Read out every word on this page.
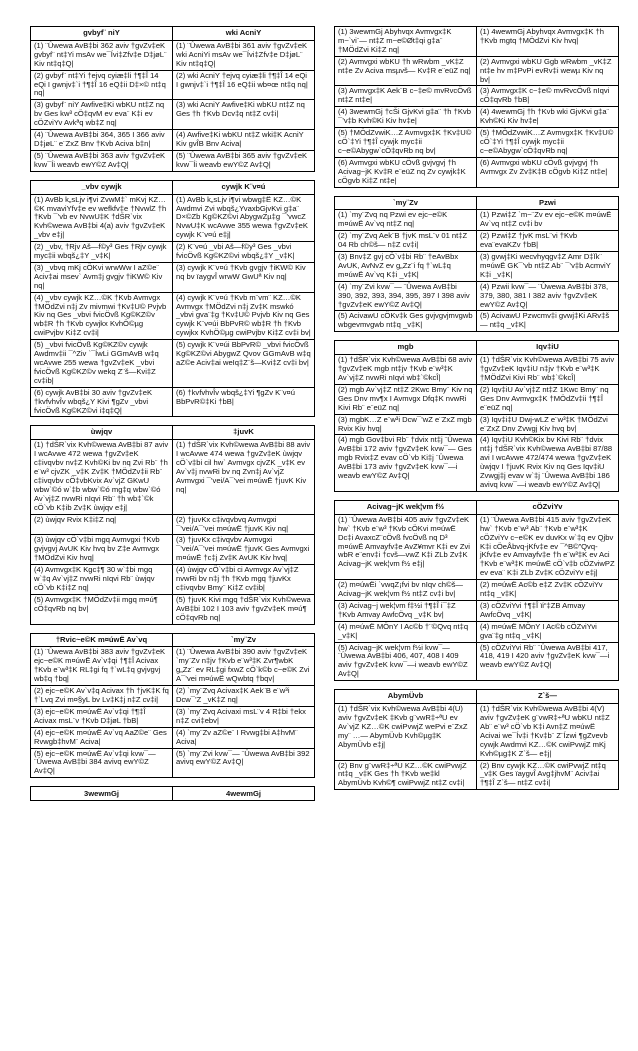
gvbyf¨ niY	wki AcniY
(1) ¨Ûwewa AvB‡bi 362 aviv †gvZv‡eK gvbyf¨ nt‡Yi msAv we¯Ívi‡Zfv‡e D‡jøL¨ Kiv nt‡q‡Q|	(1) ¨Ûwewa AvB‡bi 361 aviv †gvZv‡eK wki AcniYi msAv we¯Ívi‡Zfv‡e D‡jøL¨ Kiv nt‡q‡Q|
(2) gvbyf¨ nt‡Yi †ejvq cyiæ‡li †¶‡Î 14 eQi I gwnjv‡`i †¶‡Î 16 eQ‡ii D‡×© nt‡q nq|	(2) wki AcniY †ejvq cyiæ‡li †¶‡Î 14 eQi I gwnjv‡`i †¶‡Î 16 eQ‡ii wb¤œ nt‡q nq|
(3) gvbyf¨ niY Awfive‡Ki wbKU nt‡Z nq bv Ges kw³ cÖ‡qvM ev eva¨ K‡i ev cÖZviYv Avkªq wb‡Z nq|	(3) wki AcniY Awfive‡Ki wbKU nt‡Z nq Ges †h †Kvb Dcv‡q nt‡Z cv‡i|
(4) ¨Ûwewa AvB‡bi 364, 365 I 366 aviv D‡jøL¨ e¨ZxZ Bnv †Kvb Aciva b‡n|	(4) Awfive‡Ki wbKU nt‡Z wki‡K AcniY Kiv gvÎB Bnv Aciva|
(5) ¨Ûwewa AvB‡bi 363 aviv †gvZv‡eK kvw¯Íi weavb ewY©Z Av‡Q|	(5) ¨Ûwewa AvB‡bi 365 aviv †gvZv‡eK kvw¯Íi weavb ewY©Z Av‡Q|
_vbv cywjk	cywjk K¨v¤ú
(1) AvBb k„sLjv i¶vi ZvwM‡` mKvj KZ…©K mvaviYfv‡e ev wefkfv‡e †NvwlZ †h †Kvb ¯’vb ev NvwU‡K †dŠR`vix Kvh©wewa AvB‡bi 4(a) aviv †gvZv‡eK _vbv e‡j|	(1) AvBb k„sLjv i¶vi wbwg‡Ë KZ…©K Awdmvi Zvi wbqš¿YvaxbGjvKvi g‡a¨ D×©Zb Kg©KZ©vi AbygwZµ‡g ¯’vwcZ NvwU‡K wcAvwe 355 wewa †gvZv‡eK cywjk K¨v¤ú e‡j|
(2) _vbv, †Rjv Aš—f©y³ Ges †Rjv cywjk myc‡ii wbqš¿‡Y _v‡K|	(2) K¨v¤ú _vbi Aš—f©y³ Ges _vbvi fvicÖvß Kg©KZ©vi wbqš¿‡Y _v‡K|
(3) _vbvq mKj cÖKvi wrwWw I aZ©e¨ Aciv‡ai msev` Avm‡j gvgjv †iKW© Kiv nq|	(3) cywjk K¨v¤ú †Kvb gvgjv †iKW© Kiv nq bv ïaygvÎ wrwW GwUª Kiv nq|
(4) _vbv cywjk KZ…©K †Kvb Avmvgx †MÖdZvi n‡j Zv mivmwi †Kv‡U© Pvjvb Kiv nq Ges _vbvi fvicÖvß Kg©KZ©v wb‡R †h †Kvb cywjkx KvhÖ©µg cwiPvjbv Ki‡Z cv‡i|	(4) cywjk K¨v¤ú †Kvb m¨vm¨ KZ…©K Avmvgx †MÖdZvi n‡j Zv‡K mswkó _vbvi gva¨‡g †Kv‡U© Pvjvb Kiv nq Ges cywjk K¨v¤úi BbPvR© wb‡R †h †Kvb cywjkx KvhÖ©µg cwiPvjbv Ki‡Z cv‡i bv|
(5) _vbvi fvicÖvß Kg©KZ©v cywjk Awdmv‡ii ¯^Ziv `¯ÍwLi GGmAvB w‡q wcAvwe 255 wewa †gvZv‡eK _vbvi fvicÖvß Kg©KZ©v wekq Z¨š—Kvi‡Z cv‡ib|	(5) cywjk K¨v¤úi BbPvR© _vbvi fvicÖvß Kg©KZ©vi AbygwZ Qvov GGmAvB w‡q aZ©e Aciv‡ai weIq‡Z¨š—Kvi‡Z cv‡i bv|
(6) cywjk AvB‡bi 30 aviv †gvZv‡eK †kvfvhvÎv wbqš¿Y Kivi ¶gZv _vbvi fvicÖvß Kg©KZ©vi i‡q‡Q|	(6) †kvfvhvÎv wbqš¿‡Yi ¶gZv K¨v¤ú BbPvR©‡Ki †bB|
ùwjqv	‡juvK
(1) †dŠR`vix Kvh©wewa AvB‡bi 87 aviv I wcAvwe 472 wewa †gvZv‡eK c‡ivqvbv nv‡Z Kvh©Ki bv nq Zvi Rb¨ †h e¨w³ cjvZK _v‡K Zv‡K †MÖdZv‡ii Rb¨ c‡ivqvbv cÖ‡vbKvix Av`vjZ GKwU wbw`©ó w`‡b wbw`©ó mg‡q wbw`©ó Av`vj‡Z nvwRi nIqvi Rb¨ †h wb‡`©k cÖ`vb K‡ib Zv‡K ùwjqv e‡j|	(1) †dŠR`vix Kvh©wewa AvB‡bi 88 aviv I wcAvwe 474 wewa †gvZv‡eK ùwjqv cÖ`v‡bi cil hw` Avmvgx cjvZK _v‡K ev Av`v‡j nvwRi bv nq Zvn‡j Av`vjZ Avmvgxi ¯’vei/A¯’vei m¤úwË †juvK Kiv nq|
(2) ùwjqv Rvix K‡i‡Z nq|	(2) †juvKx c‡ivqvbvq Avmvgxi ¯’vei/A¯’vei m¤úwË †juvK Kiv nq|
(3) ùwjqv cÖ`v‡bi mgq Avmvgxi †Kvb gvjvgvj AvUK Kiv hvq bv Z‡e Avmvgx †MÖdZvi Kiv hvq|	(3) †juvKx c‡ivqvbv Avmvgxi ¯’vei/A¯’vei m¤úwË †juvK Ges Avmvgxi m¤úwË †c‡j Zv‡K AvUK Kiv hvq|
(4) Avmvgx‡K Kgc‡¶ 30 w`‡bi mgq w`‡q Av`vj‡Z nvwRi nIqvi Rb¨ ùwjqv cÖ`vb K‡i‡Z nq|	(4) ùwjqv cÖ`v‡bi ci Avmvgx Av`vj‡Z nvwRi bv n‡j †h †Kvb mgq †juvKx c‡ivqvbv Bmy¨ Ki‡Z cv‡ib|
(5) Avmvgx‡K †MÖdZv‡ii mgq m¤ú¶ cÖ‡qvRb nq bv|	(5) †juvK Kivi mgq †dŠR`vix Kvh©wewa AvB‡bi 102 I 103 aviv †gvZv‡eK m¤ú¶ cÖ‡qvRb nq|
†Rvic~e©K m¤úwË Av`vq	`my¨Zv
(1) ¨Ûwewa AvB‡bi 383 aviv †gvZv‡eK ejc~e©K m¤úwË Av`v‡qi †¶‡Î Acivax †Kvb e¨w³‡K RL‡gi fq †`wL‡q gvjvgvj wb‡q †bq|	(1) ¨Ûwewa AvB‡bi 390 aviv †gvZv‡eK `my¨Zv n‡jv †Kvb e¨w³‡K Zvr¶wbK g„Zz¨ ev RL‡gi fxwZ cÖ`k©b c~e©K Zvi A¯’vei m¤úwË wQwbtq †bqv|
(2) ejc~e©K Av`v‡q Acivax †h †jvK‡K fq †`Lvq Zvi m¤§yL bv Lv‡K‡j n‡Z cv‡i|	(2) `my¨Zvq Acivax‡K Aek¨B e¨w³i Dcw¯’Z _vK‡Z nq|
(3) ejc~e©K m¤úwË Av`v‡qi †¶‡Î Acivax msL¨v †Kvb D‡jøL †bB|	(3) `my¨Zvq Acivaxi msL¨v 4 R‡bi †ekx n‡Z cvi‡ebv|
(4) ejc~e©K m¤úwË Av`vq AaZ©e¨ Ges Rvwgb‡hvM¨ Aciva|	(4) `my¨Zv aZ©e¨ I Rvwg‡bi A‡hvM¨ Aciva|
(5) ejc~e©K m¤úwË Av`v‡qi kvw¯— ¨Ûwewa AvB‡bi 384 avivq ewY©Z Av‡Q|	(5) `my¨Zvi kvw¯— ¨Ûwewa AvB‡bi 392 avivq ewY©Z Av‡Q|
3wewmGj	4wewmGj
(1) 3wewmGj Abyhvqx Avmvgx‡K m~`vi¨— nt‡Z m~e©Øt‡qi g‡a¨ †MÖdZvi Ki‡Z nq|	(1) 4wewmGj Abyhvqx Avmvgx‡K †h †Kvb mgtq †MÖdZvi Kiv hvq|
(2) Avmvgxi wbKU †h wRwbm _vK‡Z nt‡e Zv Aciva msµvš— Kv‡R e¨eüZ nq|	(2) Avmvgxi wbKU Ggb wRwbm _vK‡Z nt‡e hv m‡PvPi evRv‡i wewµ Kiv nq bv|
(3) Avmvgx‡K Aek¨B c~‡e© mvRvcÖvß nt‡Z nt‡e|	(3) Avmvgx‡K c~‡e© mvRvcÖvß nIqvi cÖ‡qvRb †bB|
(4) 3wewmGj †cŠi GjvKvi g‡a¨ †h †Kvb ¯’v‡b Kvh©Ki Kiv hv‡e|	(4) 4wewmGj †h †Kvb wki GjvKvi g‡a¨ Kvh©Ki Kiv hv‡e|
(5) †MÖdZvwiK…Z Avmvgx‡K †Kv‡U© cÖ`‡Yi †¶‡Î cywjk myc‡ii c~e©Abygw`cÖ‡qvRb nq bv|	(5) †MÖdZvwiK…Z Avmvgx‡K †Kv‡U© cÖ`‡Yi †¶‡Î cywjk myc‡ii c~e©Abygw`cÖ‡qvRb nq|
(6) Avmvgxi wbKU cÖvß gvjvgvj †h Acivag~jK Kv‡R e¨eüZ nq Zv cywjk‡K cÖgvb Ki‡Z nt‡e|	(6) Avmvgxi wbKU cÖvß gvjvgvj †h Avmvgx Zv Zv‡K‡B cÖgvb Ki‡Z nt‡e|
`my¨Zv	Pzwi
(1) `my¨Zvq nq Pzwi ev ejc~e©K m¤úwË Av`vq nt‡Z nq|	(1) Pzwi‡Z `m~¨Zv ev ejc~e©K m¤úwË Av`vq nt‡Z cv‡i bv
(2) `my¨Zvq Aek¨B †jvK msL¨v 01 nt‡Z 04 Rb ch©š— n‡Z cv‡i|	(2) Pzwi‡Z †jvK msL¨vi †Kvb eva¨evaKZv †bB|
(3) Bnv‡Z gvj cÖ`v‡bi Rb¨ †eAvBbx AvUK, AvNvZ ev g„Zz¨i fq †`wL‡q m¤úwË Av`vq K‡i _v‡K|	(3) gvwj‡Ki wecvhyqgv‡Z Amr D‡Ïk¨ m¤úwË GK¯’vb nt‡Z Ab¨ ¯’v‡b AcmviY K‡i _v‡K|
(4) `my¨Zvi kvw¯— ¨Ûwewa AvB‡bi 390, 392, 393, 394, 395, 397 I 398 aviv †gvZv‡eK ewY©Z Av‡Q|	(4) Pzwii kvw¯— ¨Ûwewa AvB‡bi 378, 379, 380, 381 I 382 aviv †gvZv‡eK ewY©Z Av‡Q|
(5) AcivawU cÖKv‡k Ges gvjvgvjmvgwb wbgevmvgwb nt‡q _v‡K|	(5) AcivawU Pzwcmv‡i gvwj‡Ki ARv‡š— nt‡q _v‡K|
mgb	Iqv‡iU
(1) †dŠR`vix Kvh©wewa AvB‡bi 68 aviv †gvZv‡eK mgb nt‡jv †Kvb e¨w³‡K Av`vj‡Z nvwRi nIqvi wb‡`©kcÎ|	(1) †dŠR`vix Kvh©wewa AvB‡bi 75 aviv †gvZv‡eK Iqv‡iU n‡jv †Kvb e¨w³‡K †MÖdZvi Kivi Rb¨ wb‡`©kcÎ|
(2) mgb Av`vj‡Z nt‡Z 2Kwc Bmy¨ Kiv nq Ges Dnv mv¶x I Avmvgx Dfq‡K nvwRi Kivi Rb¨ e¨eüZ nq|	(2) Iqv‡iU Av`vj‡Z nt‡Z 1Kwc Bmy¨ nq Ges Dnv Avmvgx‡K †MÖdZv‡ii †¶‡Î e¨eüZ nq|
(3) mgbK…Z e¨w³i Dcw¯’wZ e¨ZxZ mgb Rvix Kiv hvq|	(3) Iqv‡i‡U Dwj-wLZ e¨w³‡K †MÖdZvi e¨ZxZ Dnv Zvwgj Kiv hvq bv|
(4) mgb Gov‡bvi Rb¨ †dvix nt‡j ¨Ûwewa AvB‡bi 172 aviv †gvZv‡eK kvw¯— Ges mgb Rvix‡Z evav cÖ`vb Ki‡j ¨Ûwewa AvB‡bi 173 aviv †gvZv‡eK kvw¯—i weavb ewY©Z Av‡Q|	(4) Iqv‡iU Kvh©Kix bv Kivi Rb¨ †dvix nt‡j †dŠR`vix Kvh©wewa AvB‡bi 87/88 avi I wcAvwe 472/474 wewa †gvZv‡eK ùwjqv I †juvK Rvix Kiv nq Ges Iqv‡iU Zvwgj‡j evav w`‡j ¨Ûwewa AvB‡bi 186 avivq kvw¯—i weavb ewY©Z Av‡Q|
Acivag~jK wek¦vm f½	cÖZviYv
(1) ¨Ûwewa AvB‡bi 405 aviv †gvZv‡eK hw` †Kvb e¨w³ †Kvb cÖKvi m¤úwË Dc‡i AvaxcZ¨cÖvß fvcÖvß nq D³ m¤úwË Amvayfv‡e AvZ¥mvr K‡i ev Zvi wbR e¨env‡i †cvš—vwZ K‡i ZLb Zv‡K Acivag~jK wek¦vm f½ e‡j|	(1) ¨Ûwewa AvB‡bi 415 aviv †gvZv‡eK hw` †Kvb e¨w³ Ab¨ †Kvb e¨w³‡K cÖZviYv c~e©K ev duvKx w`‡q ev Qjbv K‡i cÖeÂbvq-jKfv‡e ev ¯^B©”Qvq-jKfv‡e ev Amvayfv‡e †h e¨w³‡K ev Aci †Kvb e¨w³‡K m¤úwË cÖ`v‡b cÖZviwPZ ev eva¨ K‡i ZLb Zv‡K cÖZviYv e‡j|
(2) m¤úwËi `vwqZ¡fvi bv nIqv ch©š— Acivag~jK wek¦vm f½ nt‡Z cv‡i bv|	(2) m¤úwË Ac©b e‡Z Zv‡K cÖZviYv nt‡q _v‡K|
(3) Acivag~j wek¦vm f‡½i †¶‡Î i¯‡Z †Kvb Amvay AwfcÖvq _v‡K bv|	(3) cÖZviYvi †¶‡Î ïi“‡ZB Amvay AwfcÖvq _v‡K|
(4) m¤úwË MÖnY I Ac©b †¨©Qvq nt‡q _v‡K|	(4) m¤úwË MÖnY I Ac©b cÖZviYvi gva¨‡g nt‡q _v‡K|
(5) Acivag~jK wek¦vm f½i kvw¯— ¨Ûwewa AvB‡bi 406, 407, 408 I 409 aviv †gvZv‡eK kvw¯—i weavb ewY©Z Av‡Q|	(5) cÖZviYvi Rb¨ ¨Ûwewa AvB‡bi 417, 418, 419 I 420 aviv †gvZv‡eK kvw¯—i weavb ewY©Z Av‡Q|
AbymÜvb	Z`š—
(1) †dŠR`vix Kvh©wewa AvB‡bi 4(U) aviv †gvZv‡eK ‡Kvb g¨vwR‡÷ªU ev Av`vjZ KZ…©K cwiPvwjZ wePvi e¨ZxZ my¨ …— AbymÜvb Kvh©µg‡K AbymÜvb e‡j|	(1) †dŠR`vix Kvh©wewa AvB‡bi 4(V) aviv †gvZv‡eK g¨vwR‡÷ªU wbKU nt‡Z Ab¨ e¨w³ cÖ`vb K‡i Avn‡Z m¤úwË Acivai we¯Ív‡i †Kv‡b¨ Z¨Ízwi ¶gZvevb cywjk Awdmvi KZ…©K cwiPvwjZ mKj Kvh©µg‡K Z`š— e‡j|
(2) Bnv g¨vwR‡÷ªU KZ…©K cwiPvwjZ nt‡q _v‡K Ges †h †Kvb we‡kl AbymÜvb Kvh©¶ cwiPvwjZ nt‡Z cv‡i|	(2) Bnv cywjk KZ…©K cwiPvwjZ nt‡q _v‡K Ges ïaygvÎ Avg‡jhvM¨ Aciv‡ai †¶‡Î Z`š— nt‡Z cv‡i|
